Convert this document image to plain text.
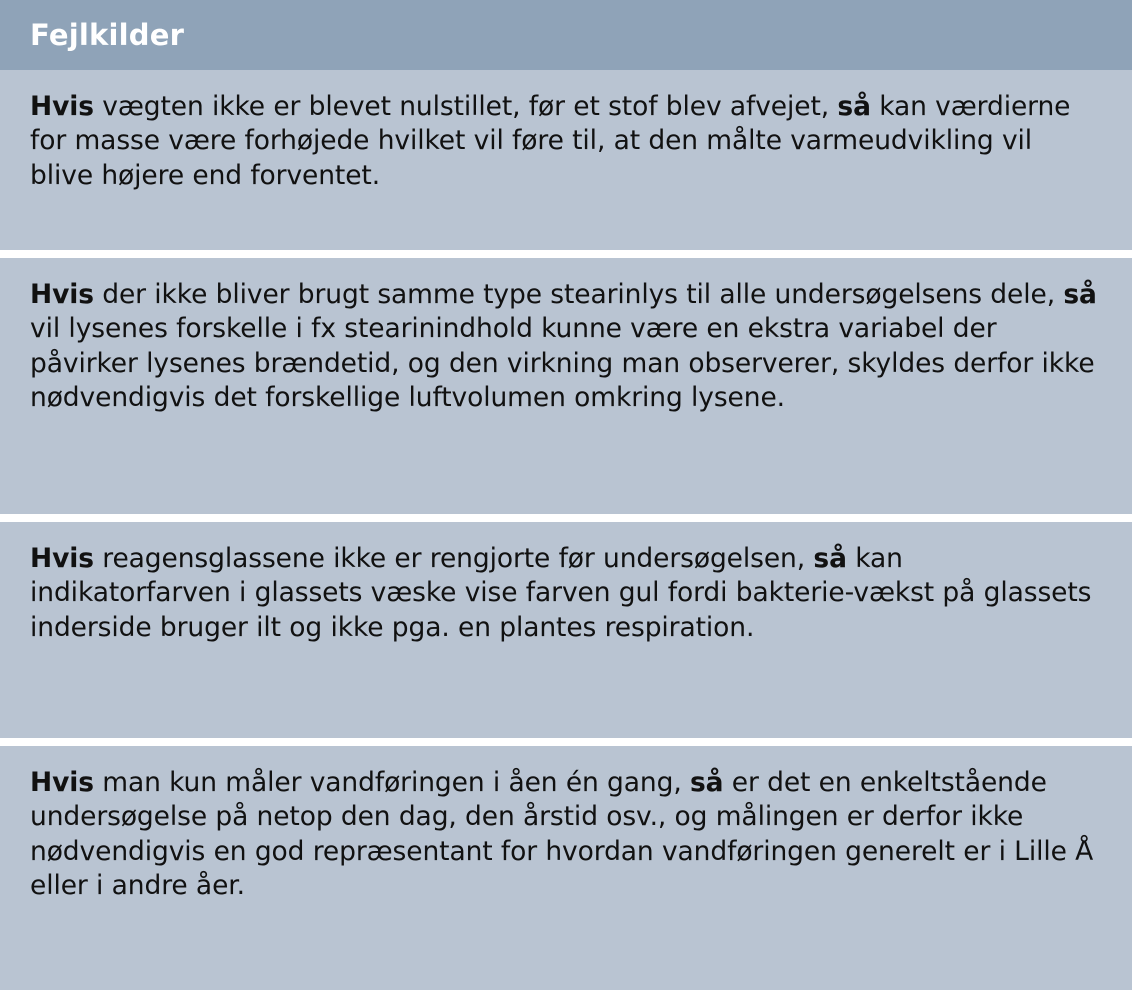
Fejlkilder

Hvis vægten ikke er blevet nulstillet, før et stof blev afvejet, så kan værdierne for masse være forhøjede hvilket vil føre til, at den målte varmeudvikling vil blive højere end forventet.

Hvis der ikke bliver brugt samme type stearinlys til alle undersøgelsens dele, så vil lysenes forskelle i fx stearinindhold kunne være en ekstra variabel der påvirker lysenes brændetid, og den virkning man observerer, skyldes derfor ikke nødvendigvis det forskellige luftvolumen omkring lysene.

Hvis reagensglassene ikke er rengjorte før undersøgelsen, så kan indikatorfarven i glassets væske vise farven gul fordi bakterie-vækst på glassets inderside bruger ilt og ikke pga. en plantes respiration.

Hvis man kun måler vandføringen i åen én gang, så er det en enkeltstående undersøgelse på netop den dag, den årstid osv., og målingen er derfor ikke nødvendigvis en god repræsentant for hvordan vandføringen generelt er i Lille Å eller i andre åer.
